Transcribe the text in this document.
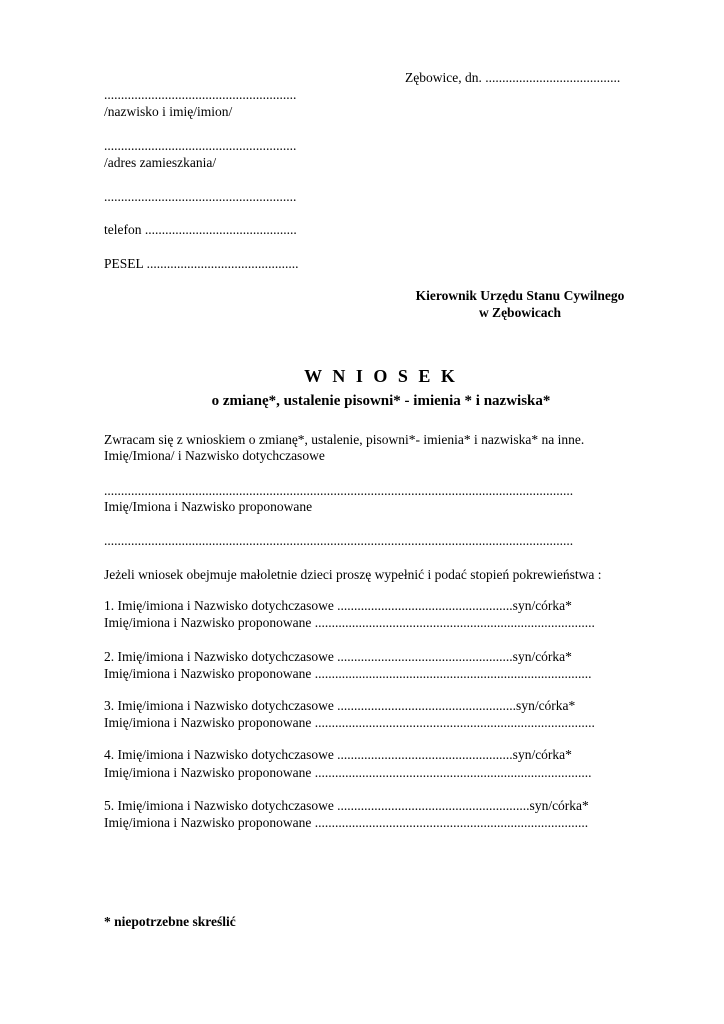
Zębowice, dn. ........................................
.........................................................
/nazwisko i imię/imion/
.........................................................
/adres zamieszkania/
.........................................................
telefon .............................................
PESEL .............................................
Kierownik Urzędu Stanu Cywilnego
w Zębowicach
W N I O S E K
o zmianę*, ustalenie pisowni* - imienia * i nazwiska*
Zwracam się z wnioskiem o zmianę*, ustalenie, pisowni*- imienia* i nazwiska* na inne.
Imię/Imiona/ i Nazwisko dotychczasowe
...........................................................................................................................................
Imię/Imiona i Nazwisko proponowane
...........................................................................................................................................
Jeżeli wniosek obejmuje małoletnie dzieci proszę wypełnić i podać stopień pokrewieństwa :
1. Imię/imiona i Nazwisko dotychczasowe ....................................................syn/córka*
Imię/imiona i Nazwisko proponowane ...................................................................................
2. Imię/imiona i Nazwisko dotychczasowe ....................................................syn/córka*
Imię/imiona i Nazwisko proponowane ..................................................................................
3. Imię/imiona i Nazwisko dotychczasowe .....................................................syn/córka*
Imię/imiona i Nazwisko proponowane ...................................................................................
4. Imię/imiona i Nazwisko dotychczasowe ....................................................syn/córka*
Imię/imiona i Nazwisko proponowane ..................................................................................
5. Imię/imiona i Nazwisko dotychczasowe .........................................................syn/córka*
Imię/imiona i Nazwisko proponowane .................................................................................
* niepotrzebne skreślić
